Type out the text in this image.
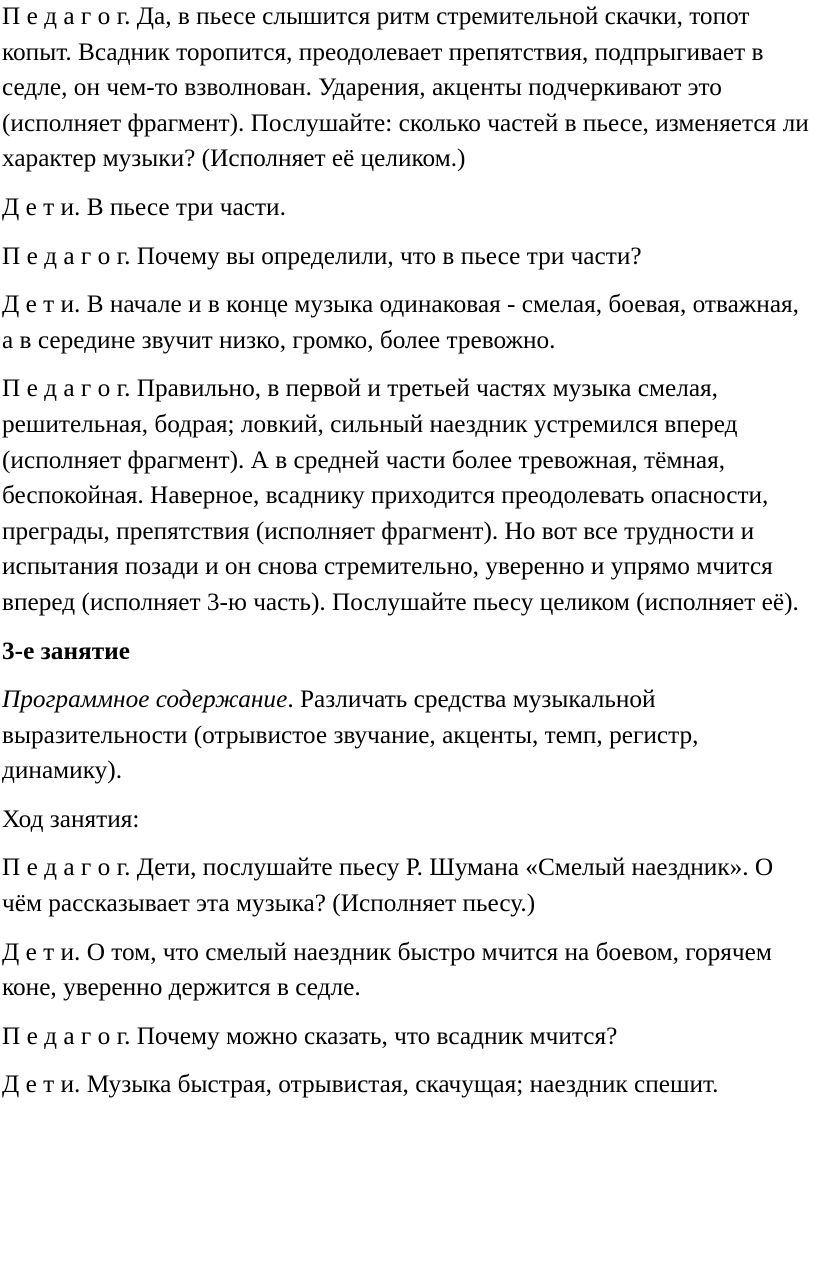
П е д а г о г. Да, в пьесе слышится ритм стремительной скачки, топот копыт. Всадник торопится, преодолевает препятствия, подпрыгивает в седле, он чем-то взволнован. Ударения, акценты подчеркивают это (исполняет фрагмент). Послушайте: сколько частей в пьесе, изменяется ли характер музыки? (Исполняет её целиком.)

Д е т и. В пьесе три части.

П е д а г о г. Почему вы определили, что в пьесе три части?

Д е т и. В начале и в конце музыка одинаковая - смелая, боевая, отважная, а в середине звучит низко, громко, более тревожно.

П е д а г о г. Правильно, в первой и третьей частях музыка смелая, решительная, бодрая; ловкий, сильный наездник устремился вперед (исполняет фрагмент). А в средней части более тревожная, тёмная, беспокойная. Наверное, всаднику приходится преодолевать опасности, преграды, препятствия (исполняет фрагмент). Но вот все трудности и испытания позади и он снова стремительно, уверенно и упрямо мчится вперед (исполняет 3-ю часть). Послушайте пьесу целиком (исполняет её).

3-е занятие

Программное содержание. Различать средства музыкальной выразительности (отрывистое звучание, акценты, темп, регистр, динамику).

Ход занятия:

П е д а г о г. Дети, послушайте пьесу Р. Шумана «Смелый наездник». О чём рассказывает эта музыка? (Исполняет пьесу.)

Д е т и. О том, что смелый наездник быстро мчится на боевом, горячем коне, уверенно держится в седле.

П е д а г о г. Почему можно сказать, что всадник мчится?

Д е т и. Музыка быстрая, отрывистая, скачущая; наездник спешит.
